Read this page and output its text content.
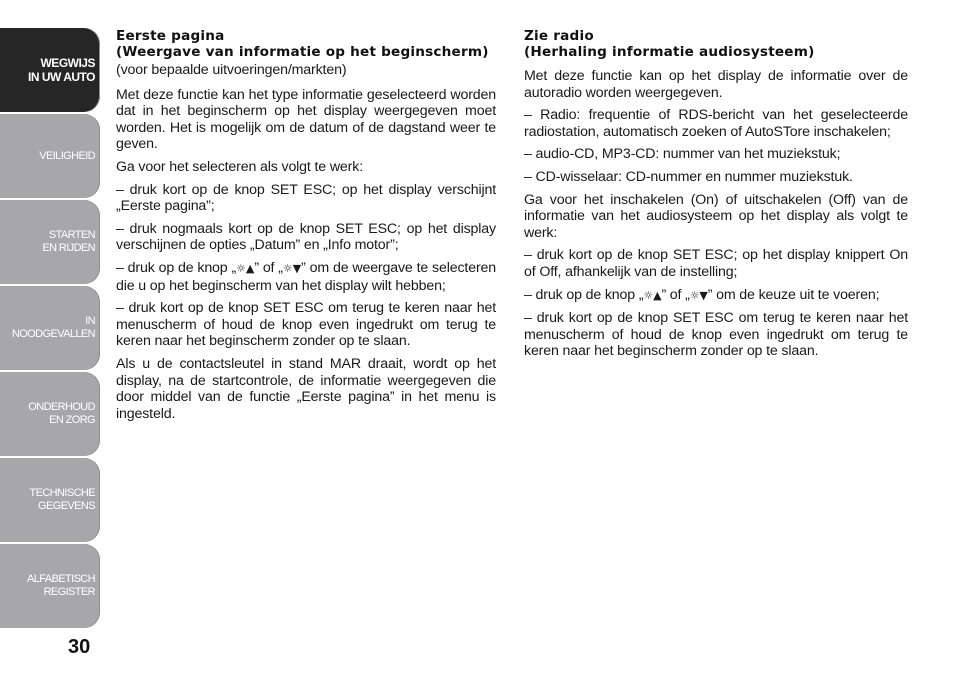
WEGWIJS
IN UW AUTO
VEILIGHEID
STARTEN
EN RIJDEN
IN NOODGEVALLEN
ONDERHOUD
EN ZORG
TECHNISCHE
GEGEVENS
ALFABETISCH
REGISTER
30
Eerste pagina
(Weergave van informatie op het beginscherm)

(voor bepaalde uitvoeringen/markten)

Met deze functie kan het type informatie geselecteerd worden dat in het beginscherm op het display weergegeven moet worden. Het is mogelijk om de datum of de dagstand weer te geven.

Ga voor het selecteren als volgt te werk:

– druk kort op de knop SET ESC; op het display verschijnt „Eerste pagina”;

– druk nogmaals kort op de knop SET ESC; op het display verschijnen de opties „Datum” en „Info motor”;

– druk op de knop „☼▲” of „☼▼” om de weergave te selecteren die u op het beginscherm van het display wilt hebben;

– druk kort op de knop SET ESC om terug te keren naar het menuscherm of houd de knop even ingedrukt om terug te keren naar het beginscherm zonder op te slaan.

Als u de contactsleutel in stand MAR draait, wordt op het display, na de startcontrole, de informatie weergegeven die door middel van de functie „Eerste pagina” in het menu is ingesteld.

Zie radio
(Herhaling informatie audiosysteem)

Met deze functie kan op het display de informatie over de autoradio worden weergegeven.

– Radio: frequentie of RDS-bericht van het geselecteerde radiostation, automatisch zoeken of AutoSTore inschakelen;

– audio-CD, MP3-CD: nummer van het muziekstuk;

– CD-wisselaar: CD-nummer en nummer muziekstuk.

Ga voor het inschakelen (On) of uitschakelen (Off) van de informatie van het audiosysteem op het display als volgt te werk:

– druk kort op de knop SET ESC; op het display knippert On of Off, afhankelijk van de instelling;

– druk op de knop „☼▲” of „☼▼” om de keuze uit te voeren;

– druk kort op de knop SET ESC om terug te keren naar het menuscherm of houd de knop even ingedrukt om terug te keren naar het beginscherm zonder op te slaan.
